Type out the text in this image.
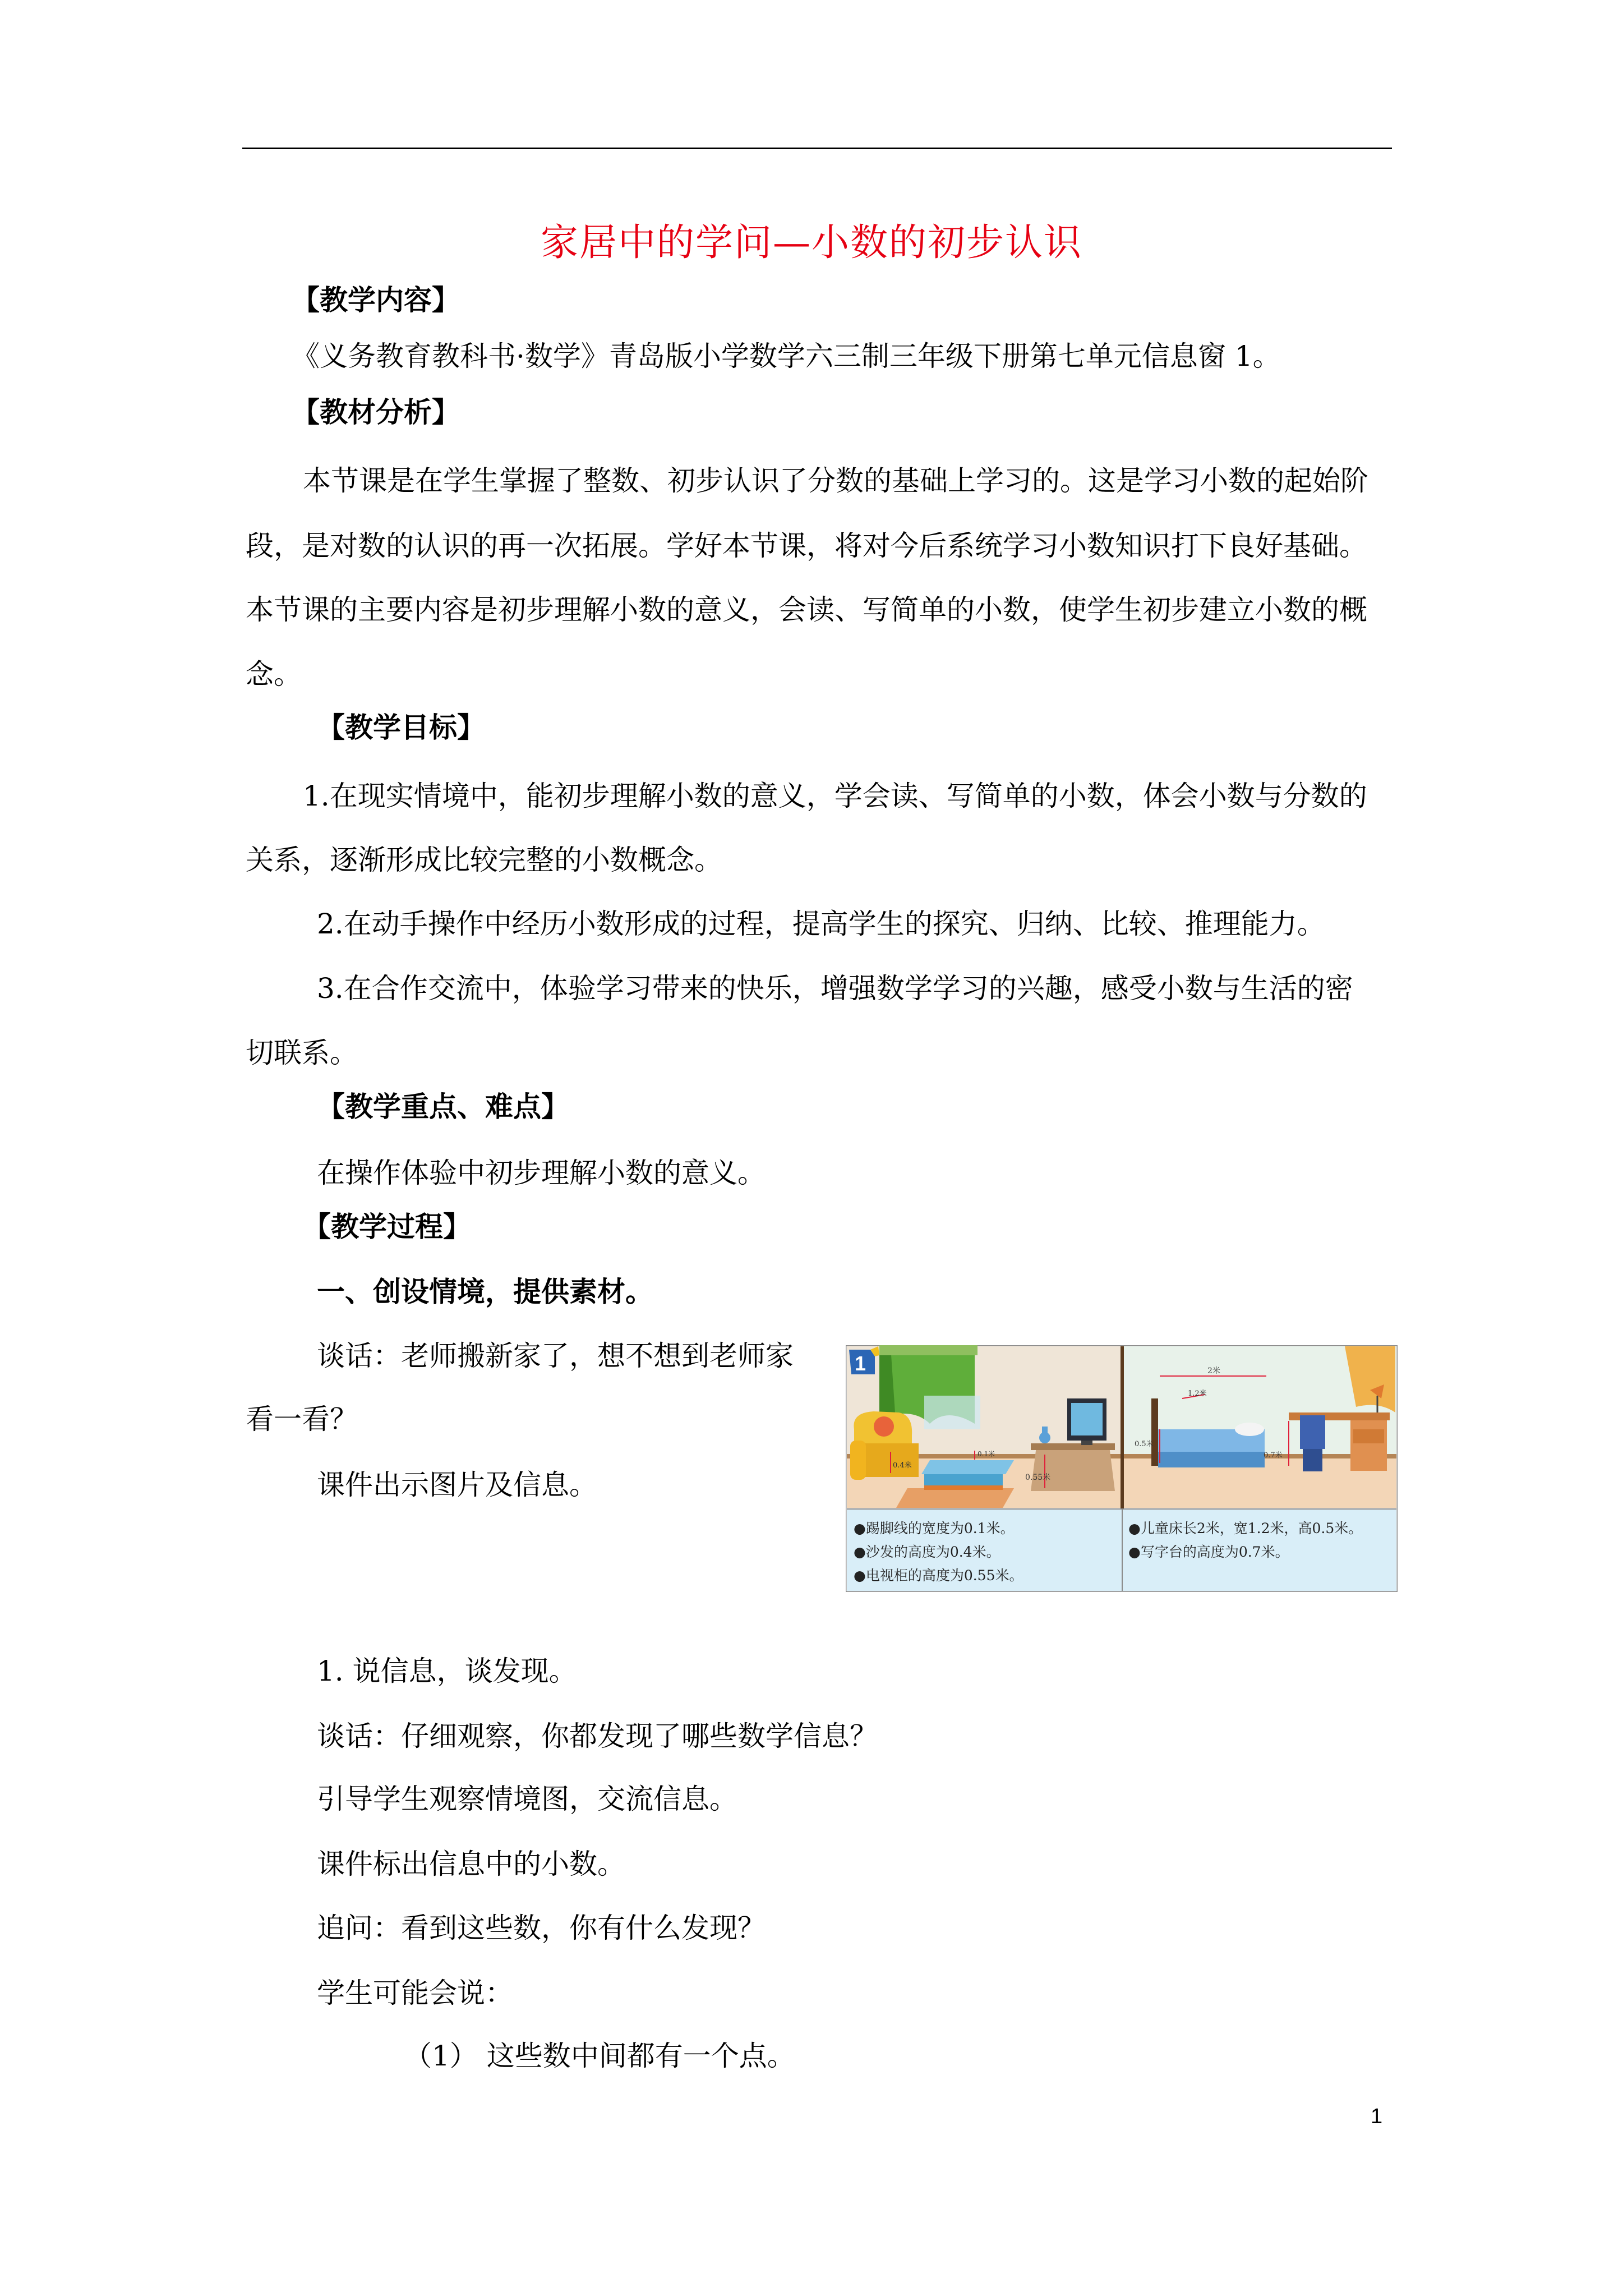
家居中的学问—小数的初步认识
【教学内容】
《义务教育教科书·数学》青岛版小学数学六三制三年级下册第七单元信息窗 1。
【教材分析】
本节课是在学生掌握了整数、初步认识了分数的基础上学习的。这是学习小数的起始阶
段，是对数的认识的再一次拓展。学好本节课，将对今后系统学习小数知识打下良好基础。
本节课的主要内容是初步理解小数的意义，会读、写简单的小数，使学生初步建立小数的概
念。
【教学目标】
1.在现实情境中，能初步理解小数的意义，学会读、写简单的小数，体会小数与分数的
关系，逐渐形成比较完整的小数概念。
2.在动手操作中经历小数形成的过程，提高学生的探究、归纳、比较、推理能力。
3.在合作交流中，体验学习带来的快乐，增强数学学习的兴趣，感受小数与生活的密
切联系。
【教学重点、难点】
在操作体验中初步理解小数的意义。
【教学过程】
一、创设情境，提供素材。
谈话：老师搬新家了，想不想到老师家
看一看？
课件出示图片及信息。
1. 说信息，谈发现。
谈话：仔细观察，你都发现了哪些数学信息？
引导学生观察情境图，交流信息。
课件标出信息中的小数。
追问：看到这些数，你有什么发现？
学生可能会说：
（1） 这些数中间都有一个点。
1
0.1米
0.4米
0.55米
2米
1.2米
0.5米
0.7米
●踢脚线的宽度为0.1米。
●沙发的高度为0.4米。
●电视柜的高度为0.55米。
●儿童床长2米，宽1.2米，高0.5米。
●写字台的高度为0.7米。
1
